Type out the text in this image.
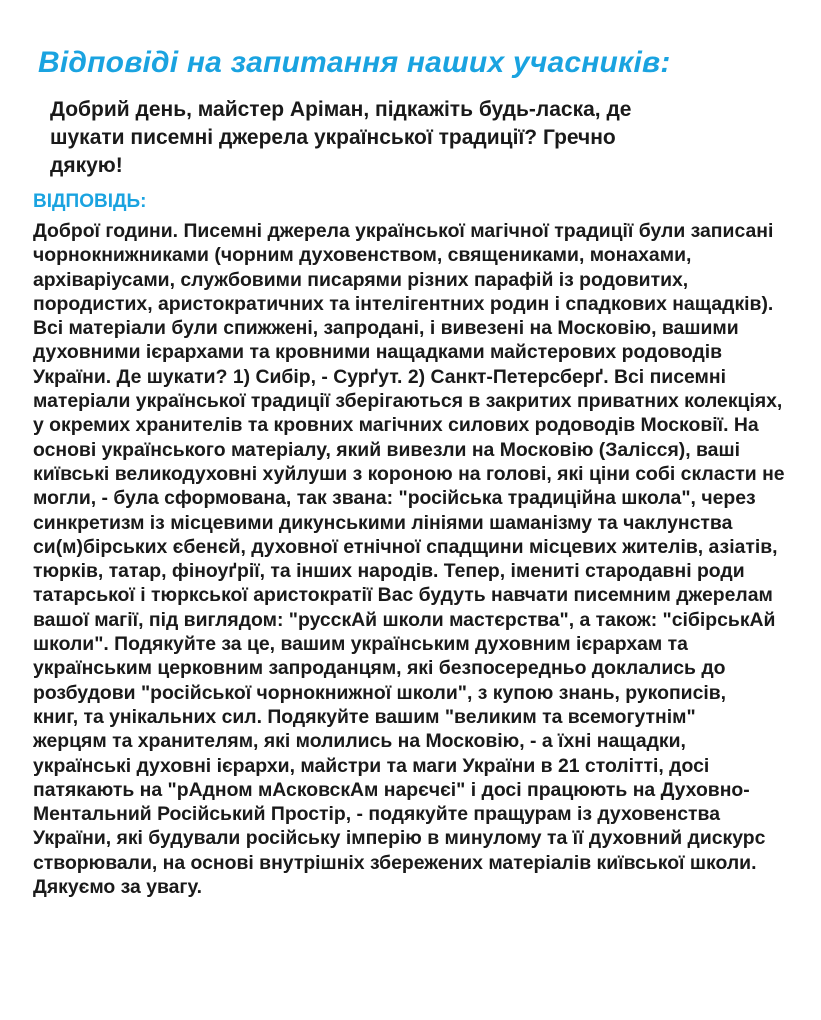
Відповіді на запитання наших учасників:

Добрий день, майстер Аріман, підкажіть будь-ласка, де
шукати писемні джерела української традиції? Гречно
дякую!

ВІДПОВІДЬ:
Доброї години. Писемні джерела української магічної традиції були записані
чорнокнижниками (чорним духовенством, священиками, монахами,
архіваріусами, службовими писарями різних парафій із родовитих,
породистих, аристократичних та інтелігентних родин і спадкових нащадків).
Всі матеріали були спижжені, запродані, і вивезені на Московію, вашими
духовними ієрархами та кровними нащадками майстерових родоводів
України. Де шукати? 1) Сибір, - Сурґут. 2) Санкт-Петерсберґ. Всі писемні
матеріали української традиції зберігаються в закритих приватних колекціях,
у окремих хранителів та кровних магічних силових родоводів Московії. На
основі українського матеріалу, який вивезли на Московію (Залісся), ваші
київські великодуховні хуйлуши з короною на голові, які ціни собі скласти не
могли, - була сформована, так звана: "російська традиційна школа", через
синкретизм із місцевими дикунськими лініями шаманізму та чаклунства
си(м)бірських єбенєй, духовної етнічної спадщини місцевих жителів, азіатів,
тюрків, татар, фіноуґрії, та інших народів. Тепер, імениті стародавні роди
татарської і тюркської аристократії Вас будуть навчати писемним джерелам
вашої магії, під виглядом: "русскАй школи мастєрства", а також: "сібірськАй
школи". Подякуйте за це, вашим українським духовним ієрархам та
українським церковним запроданцям, які безпосередньо доклались до
розбудови "російської чорнокнижної школи", з купою знань, рукописів,
книг, та унікальних сил. Подякуйте вашим "великим та всемогутнім"
жерцям та хранителям, які молились на Московію, - а їхні нащадки,
українські духовні ієрархи, майстри та маги України в 21 столітті, досі
патякають на "рАдном мАсковскАм нарєчєі" і досі працюють на Духовно-
Ментальний Російський Простір, - подякуйте пращурам із духовенства
України, які будували російську імперію в минулому та її духовний дискурс
створювали, на основі внутрішніх збережених матеріалів київської школи.
Дякуємо за увагу.
